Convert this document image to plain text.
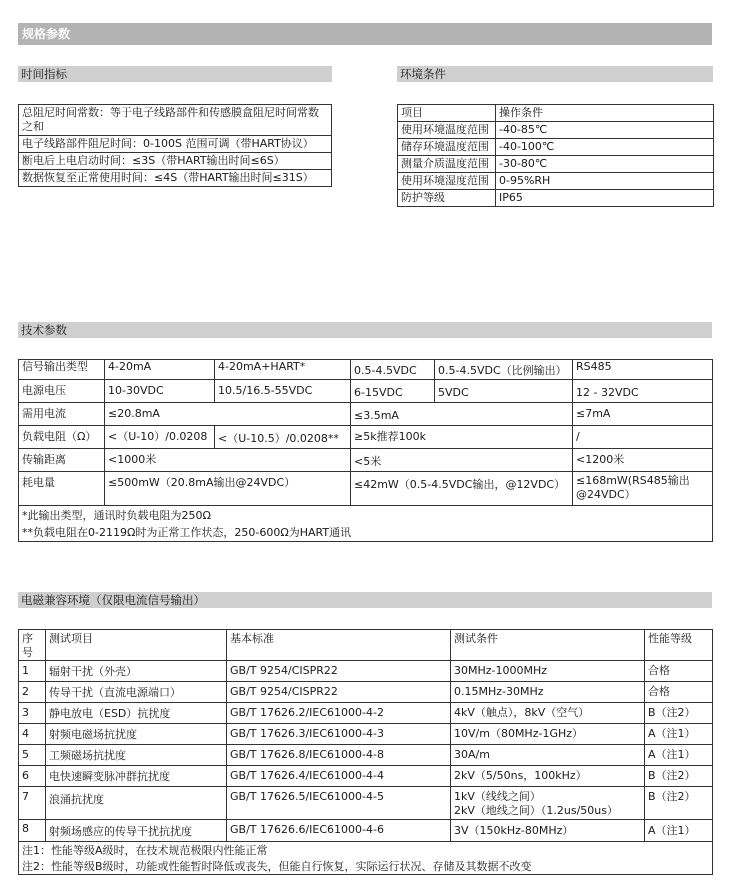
规格参数
时间指标
总阻尼时间常数：等于电子线路部件和传感膜盒阻尼时间常数之和
电子线路部件阻尼时间：0-100S 范围可调（带HART协议）
断电后上电启动时间：≤3S（带HART输出时间≤6S）
数据恢复至正常使用时间：≤4S（带HART输出时间≤31S）
环境条件
项目	操作条件
使用环境温度范围	-40-85℃
储存环境温度范围	-40-100℃
测量介质温度范围	-30-80℃
使用环境湿度范围	0-95%RH
防护等级	IP65
技术参数
信号输出类型	4-20mA	4-20mA+HART*	0.5-4.5VDC	0.5-4.5VDC（比例输出）	RS485
电源电压	10-30VDC	10.5/16.5-55VDC	6-15VDC	5VDC	12 - 32VDC
需用电流	≤20.8mA		≤3.5mA		≤7mA
负载电阻（Ω）	<（U-10）/0.0208	<（U-10.5）/0.0208**	≥5k推荐100k		/
传输距离	<1000米		<5米		<1200米
耗电量	≤500mW（20.8mA输出@24VDC）		≤42mW（0.5-4.5VDC输出，@12VDC）		≤168mW(RS485输出@24VDC）

*此输出类型，通讯时负载电阻为250Ω
**负载电阻在0-2119Ω时为正常工作状态，250-600Ω为HART通讯					
电磁兼容环境（仅限电流信号输出）
序号	测试项目	基本标准	测试条件	性能等级
1	辐射干扰（外壳）	GB/T 9254/CISPR22	30MHz-1000MHz	合格
2	传导干扰（直流电源端口）	GB/T 9254/CISPR22	0.15MHz-30MHz	合格
3	静电放电（ESD）抗扰度	GB/T 17626.2/IEC61000-4-2	4kV（触点），8kV（空气）	B（注2）
4	射频电磁场抗扰度	GB/T 17626.3/IEC61000-4-3	10V/m（80MHz-1GHz）	A（注1）
5	工频磁场抗扰度	GB/T 17626.8/IEC61000-4-8	30A/m	A（注1）
6	电快速瞬变脉冲群抗扰度	GB/T 17626.4/IEC61000-4-4	2kV（5/50ns，100kHz）	B（注2）
7	浪涌抗扰度	GB/T 17626.5/IEC61000-4-5	1kV（线线之间）
2kV（地线之间）（1.2us/50us）	B（注2）
8	射频场感应的传导干扰抗扰度	GB/T 17626.6/IEC61000-4-6	3V（150kHz-80MHz）	A（注1）

注1：性能等级A级时，在技术规范极限内性能正常
注2：性能等级B级时，功能或性能暂时降低或丧失，但能自行恢复，实际运行状况、存储及其数据不改变				
